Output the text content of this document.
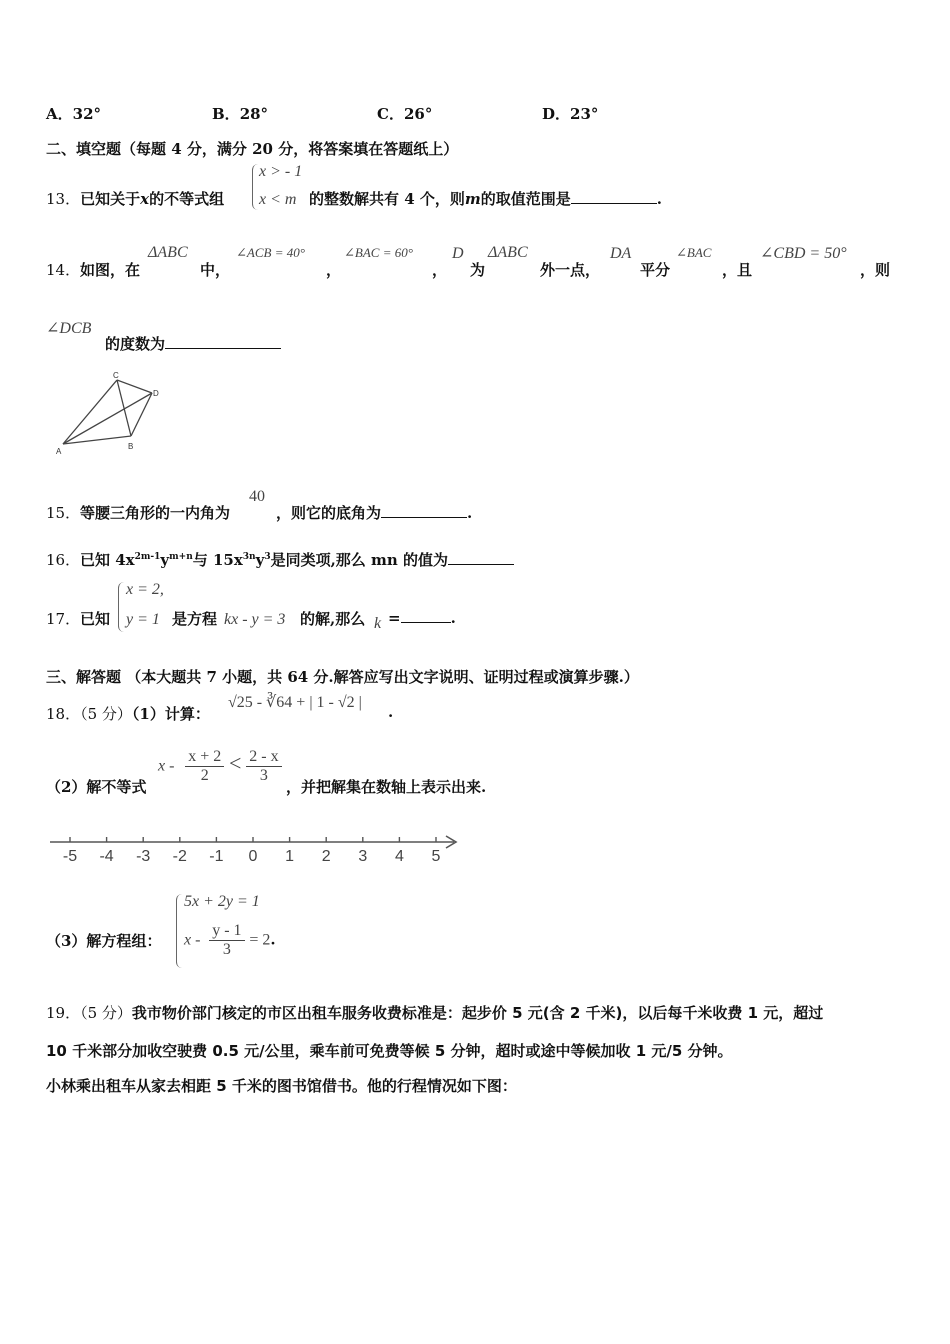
A．32°	B．28°	C．26°	D．23°
二、填空题（每题 4 分，满分 20 分，将答案填在答题纸上）
13．已知关于x的不等式组
x > - 1
x < m 的整数解共有 4 个，则m的取值范围是	.
14． 如图，在
ΔABC
中，
∠ACB = 40°
，
∠BAC = 60°
，
D
为
ΔABC
外一点，
DA
平分
∠BAC
，且
∠CBD = 50°
，则
∠DCB
的度数为
A
B
C
D
15． 等腰三角形的一内角为
40
，则它的底角为	.
16． 已知 $4x^{2m-1}y^{m+n}$与 $15x^{3n}y^3$是同类项,那么 mn 的值为
17． 已知
x = 2,
y = 1 是方程 kx - y = 3 的解,那么 k =	.
三、解答题 （本大题共 7 小题，共 64 分.解答应写出文字说明、证明过程或演算步骤.）
18．（5 分）（1）计算：
√25 - ∛64 + | 1 - √2 |
.
（2）解不等式
$x - \frac{x + 2}{2} < \frac{2 - x}{3}$
，并把解集在数轴上表示出来.
-5 -4 -3 -2 -1 0 1 2 3 4 5
（3）解方程组：
5x + 2y = 1
$x - \frac{y - 1}{3} = 2$.
19．（5 分）我市物价部门核定的市区出租车服务收费标准是：起步价 5 元(含 2 千米)，以后每千米收费 1 元，超过
10 千米部分加收空驶费 0.5 元/公里，乘车前可免费等候 5 分钟，超时或途中等候加收 1 元/5 分钟。
小林乘出租车从家去相距 5 千米的图书馆借书。他的行程情况如下图：
